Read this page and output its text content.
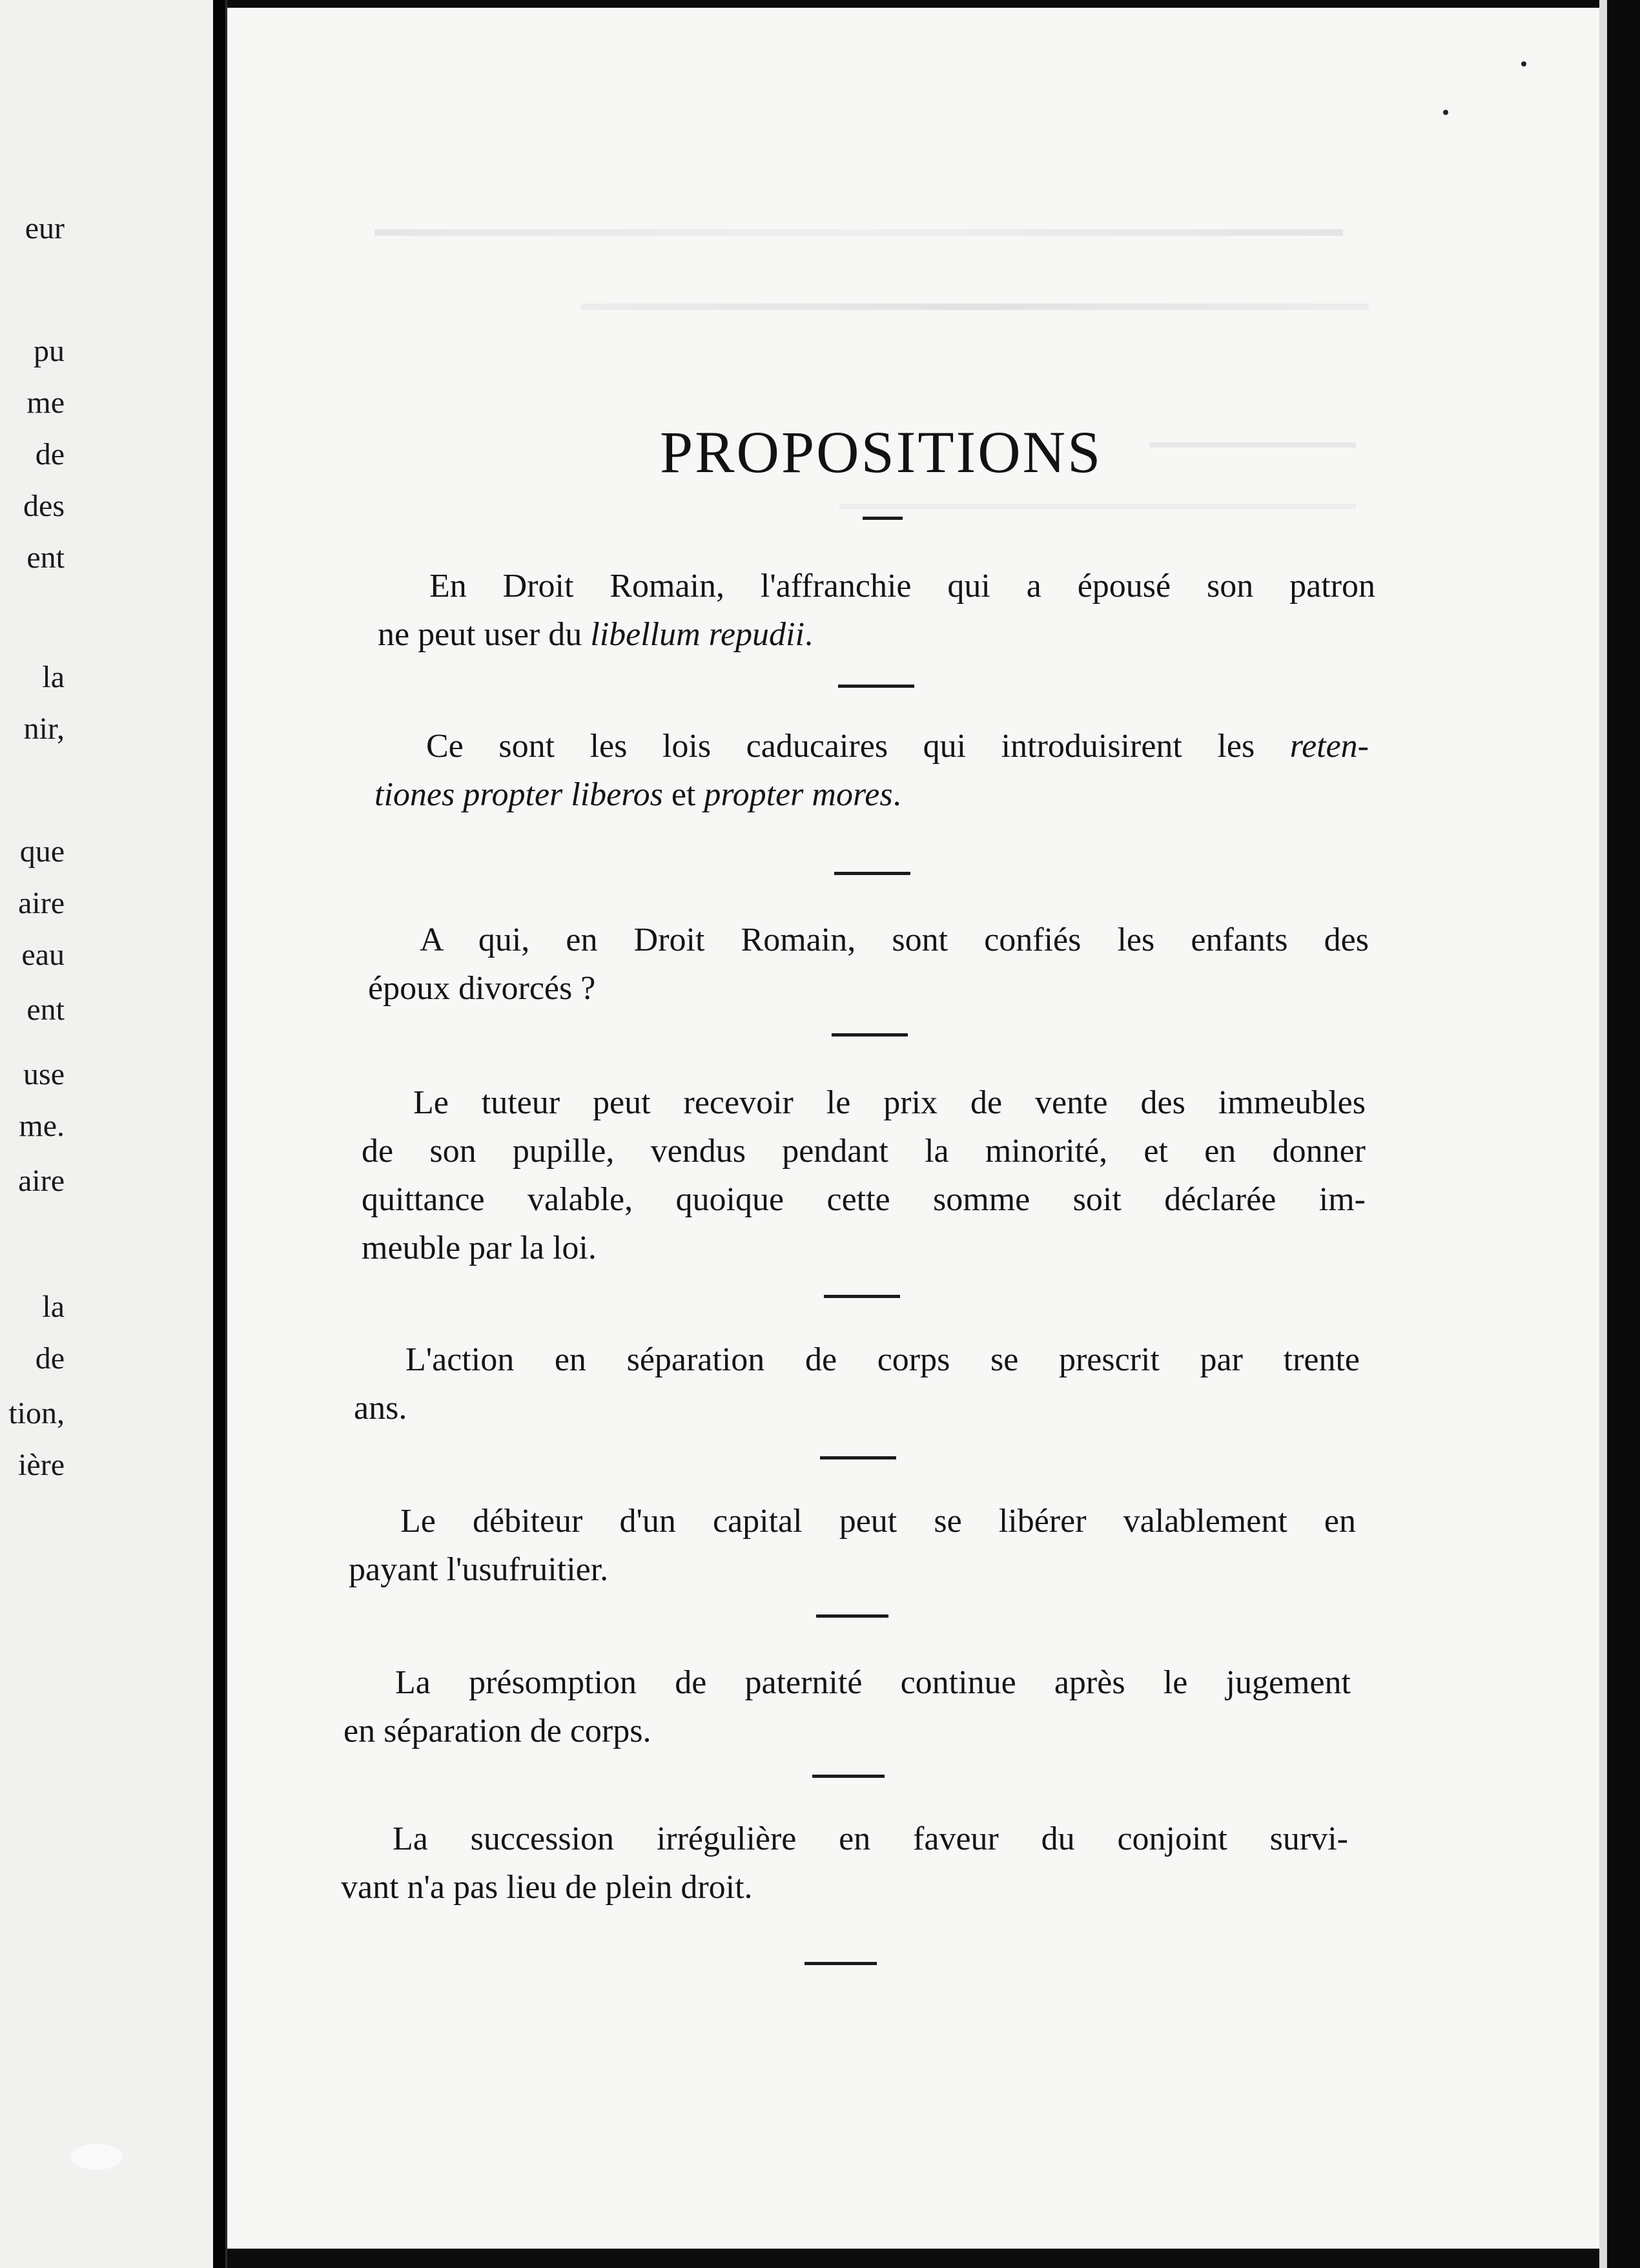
eur
pu
me
de
des
ent
la
nir,
que
aire
eau
ent
use
me.
aire
la
de
tion,
ière
PROPOSITIONS
En Droit Romain, l'affranchie qui a épousé son patron
ne peut user du libellum repudii.
Ce sont les lois caducaires qui introduisirent les reten-
tiones propter liberos et propter mores.
A qui, en Droit Romain, sont confiés les enfants des
époux divorcés ?
Le tuteur peut recevoir le prix de vente des immeubles
de son pupille, vendus pendant la minorité, et en donner
quittance valable, quoique cette somme soit déclarée im-
meuble par la loi.
L'action en séparation de corps se prescrit par trente
ans.
Le débiteur d'un capital peut se libérer valablement en
payant l'usufruitier.
La présomption de paternité continue après le jugement
en séparation de corps.
La succession irrégulière en faveur du conjoint survi-
vant n'a pas lieu de plein droit.
